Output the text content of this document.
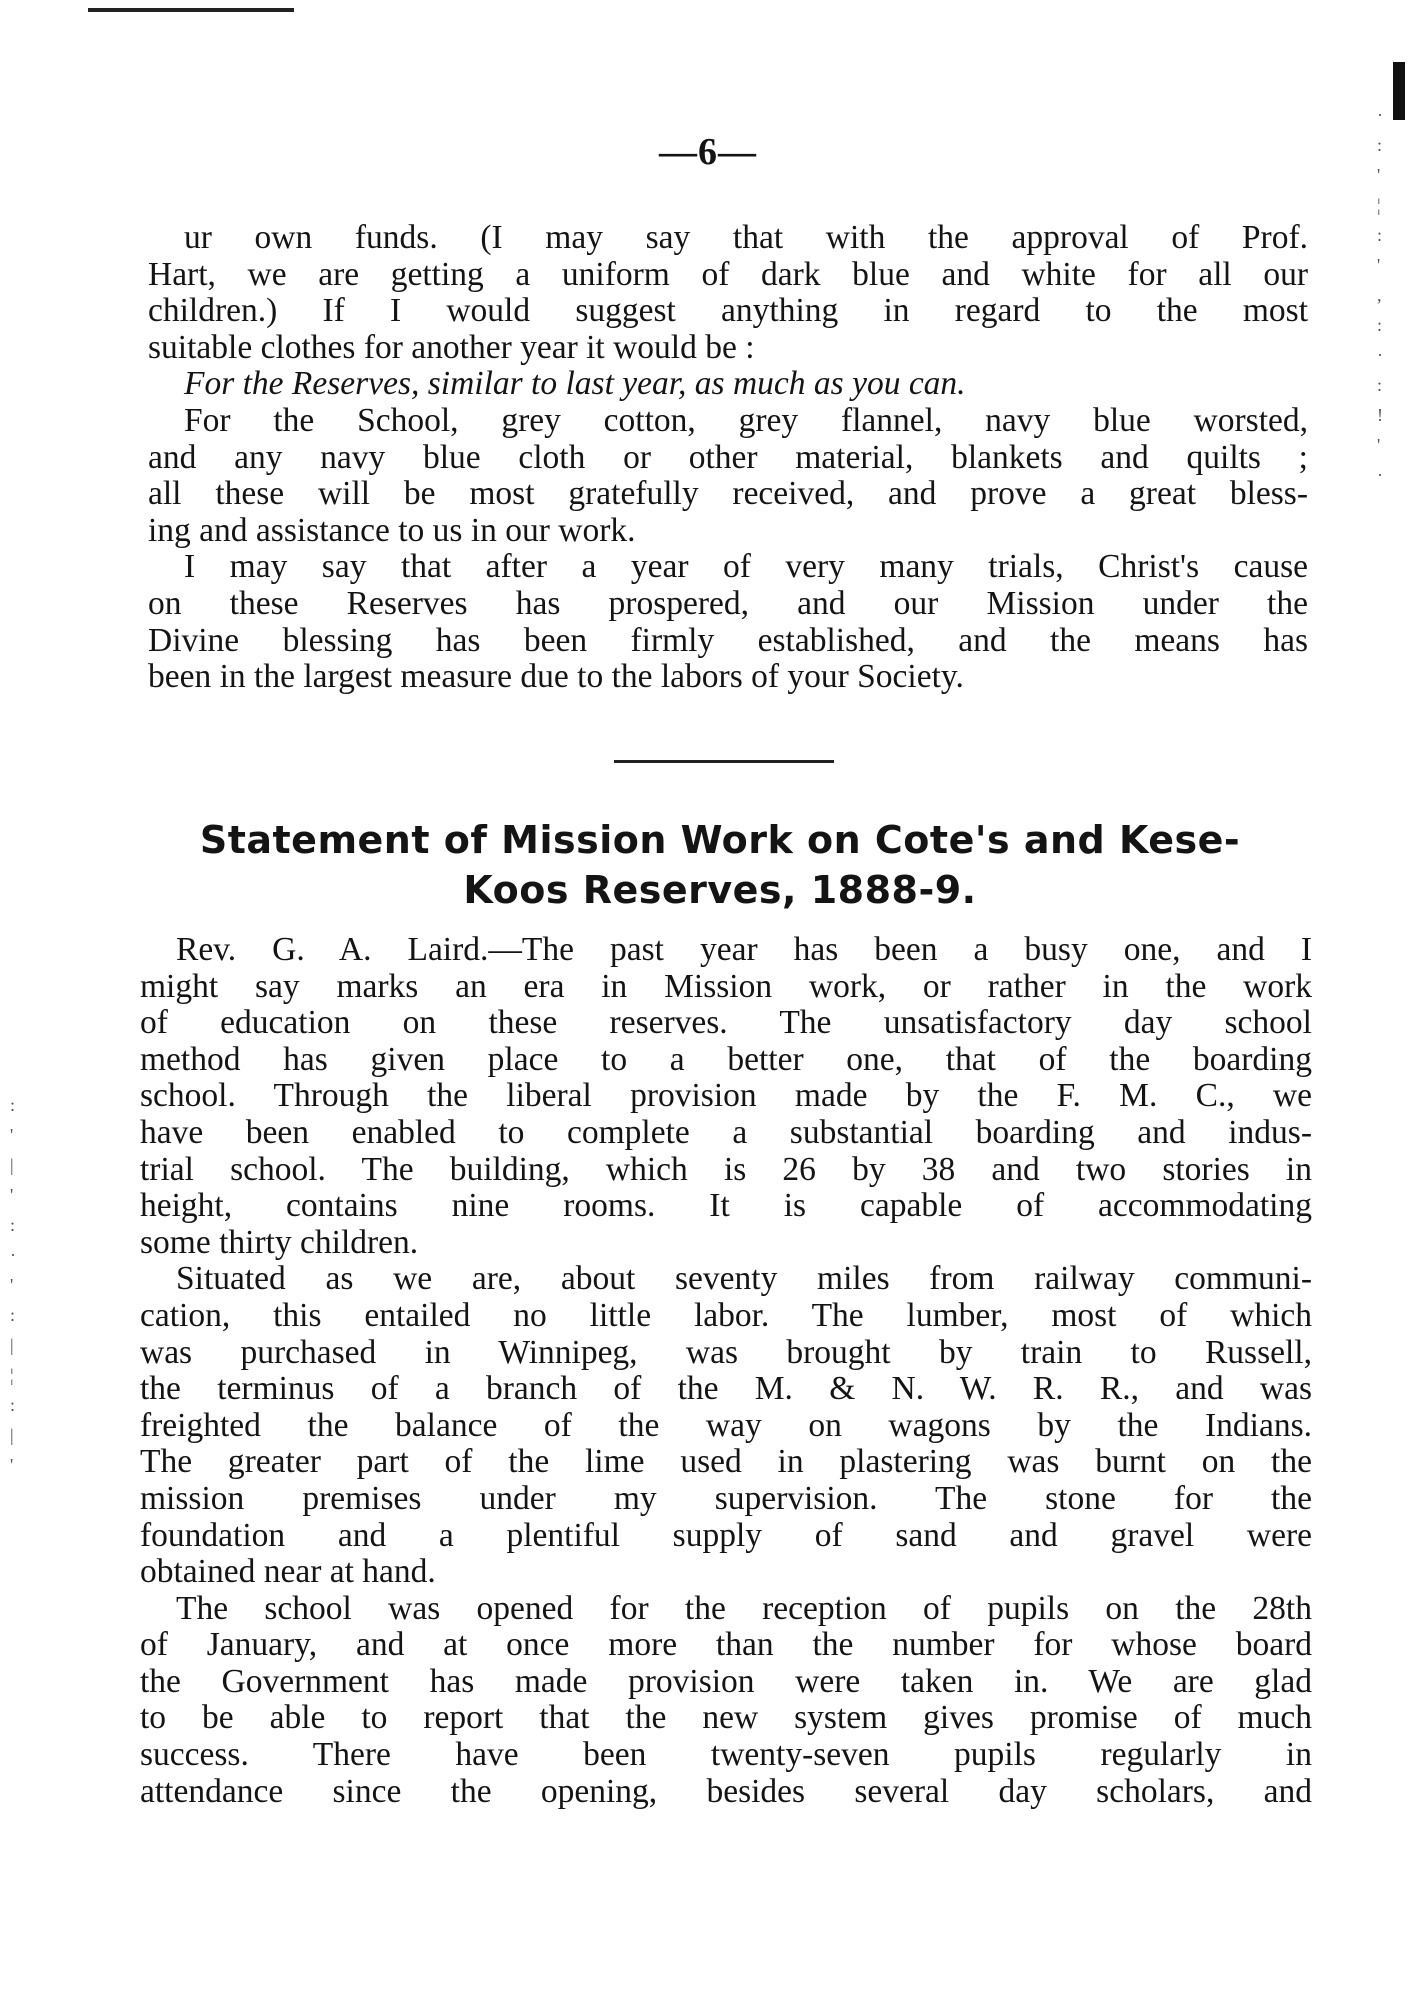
·
:
'
¦
:
'
,
:
·
:
!
'
·
:
'
|
'
:
·
'
:
|
¦
:
|
'
—6—
ur own funds. (I may say that with the approval of Prof.
Hart, we are getting a uniform of dark blue and white for all our
children.) If I would suggest anything in regard to the most
suitable clothes for another year it would be :
For the Reserves, similar to last year, as much as you can.
For the School, grey cotton, grey flannel, navy blue worsted,
and any navy blue cloth or other material, blankets and quilts ;
all these will be most gratefully received, and prove a great bless-
ing and assistance to us in our work.
I may say that after a year of very many trials, Christ's cause
on these Reserves has prospered, and our Mission under the
Divine blessing has been firmly established, and the means has
been in the largest measure due to the labors of your Society.
Statement of Mission Work on Cote's and Kese-
Koos Reserves, 1888-9.
Rev. G. A. Laird.—The past year has been a busy one, and I
might say marks an era in Mission work, or rather in the work
of education on these reserves. The unsatisfactory day school
method has given place to a better one, that of the boarding
school. Through the liberal provision made by the F. M. C., we
have been enabled to complete a substantial boarding and indus-
trial school. The building, which is 26 by 38 and two stories in
height, contains nine rooms. It is capable of accommodating
some thirty children.
Situated as we are, about seventy miles from railway communi-
cation, this entailed no little labor. The lumber, most of which
was purchased in Winnipeg, was brought by train to Russell,
the terminus of a branch of the M. & N. W. R. R., and was
freighted the balance of the way on wagons by the Indians.
The greater part of the lime used in plastering was burnt on the
mission premises under my supervision. The stone for the
foundation and a plentiful supply of sand and gravel were
obtained near at hand.
The school was opened for the reception of pupils on the 28th
of January, and at once more than the number for whose board
the Government has made provision were taken in. We are glad
to be able to report that the new system gives promise of much
success. There have been twenty-seven pupils regularly in
attendance since the opening, besides several day scholars, and
